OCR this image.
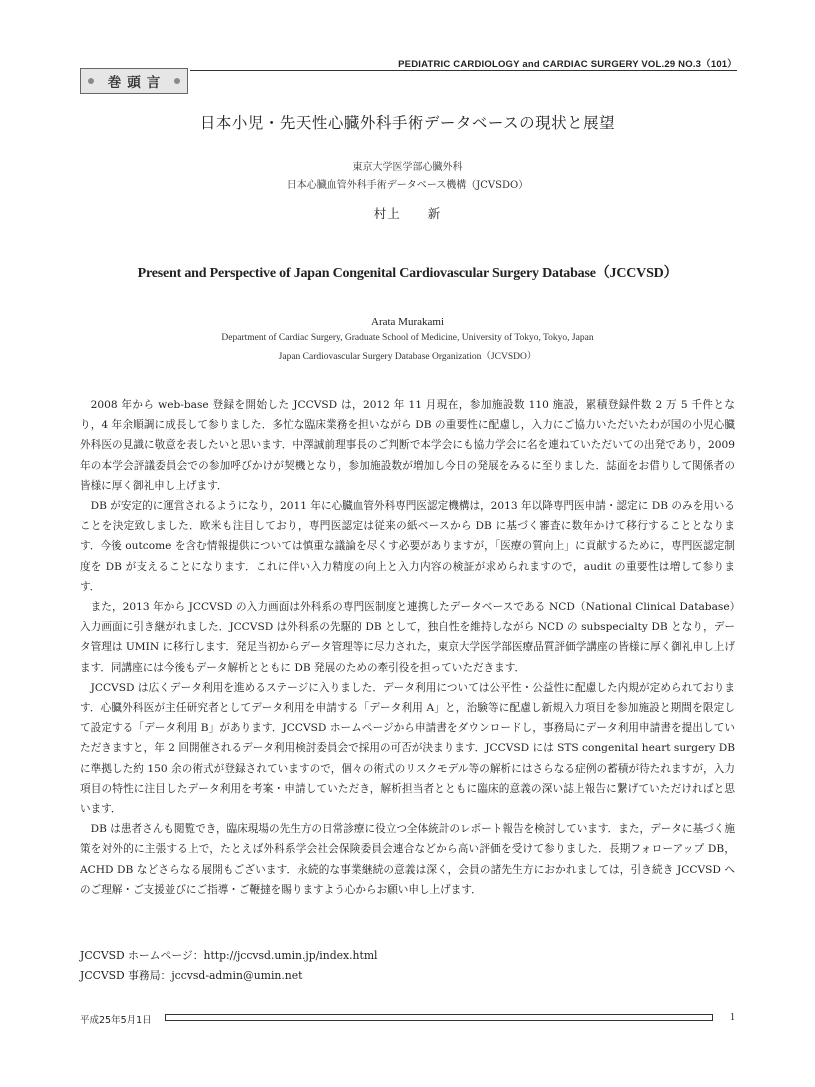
PEDIATRIC CARDIOLOGY and CARDIAC SURGERY VOL.29 NO.3（101）
巻頭言
日本小児・先天性心臓外科手術データベースの現状と展望
東京大学医学部心臓外科
日本心臓血管外科手術データベース機構（JCVSDO）
村上　　新
Present and Perspective of Japan Congenital Cardiovascular Surgery Database（JCCVSD）
Arata Murakami
Department of Cardiac Surgery, Graduate School of Medicine, University of Tokyo, Tokyo, Japan
Japan Cardiovascular Surgery Database Organization（JCVSDO）

2008 年から web-base 登録を開始した JCCVSD は，2012 年 11 月現在，参加施設数 110 施設，累積登録件数 2 万 5 千件となり，4 年余順調に成長して参りました．多忙な臨床業務を担いながら DB の重要性に配慮し，入力にご協力いただいたわが国の小児心臓外科医の見識に敬意を表したいと思います．中澤誠前理事長のご判断で本学会にも協力学会に名を連ねていただいての出発であり，2009 年の本学会評議委員会での参加呼びかけが契機となり，参加施設数が増加し今日の発展をみるに至りました．誌面をお借りして関係者の皆様に厚く御礼申し上げます．

DB が安定的に運営されるようになり，2011 年に心臓血管外科専門医認定機構は，2013 年以降専門医申請・認定に DB のみを用いることを決定致しました．欧米も注目しており，専門医認定は従来の紙ベースから DB に基づく審査に数年かけて移行することとなります．今後 outcome を含む情報提供については慎重な議論を尽くす必要がありますが，「医療の質向上」に貢献するために，専門医認定制度を DB が支えることになります．これに伴い入力精度の向上と入力内容の検証が求められますので，audit の重要性は増して参ります．

また，2013 年から JCCVSD の入力画面は外科系の専門医制度と連携したデータベースである NCD（National Clinical Database）入力画面に引き継がれました．JCCVSD は外科系の先駆的 DB として，独自性を維持しながら NCD の subspecialty DB となり，データ管理は UMIN に移行します．発足当初からデータ管理等に尽力された，東京大学医学部医療品質評価学講座の皆様に厚く御礼申し上げます．同講座には今後もデータ解析とともに DB 発展のための牽引役を担っていただきます．

JCCVSD は広くデータ利用を進めるステージに入りました．データ利用については公平性・公益性に配慮した内規が定められております．心臓外科医が主任研究者としてデータ利用を申請する「データ利用 A」と，治験等に配慮し新規入力項目を参加施設と期間を限定して設定する「データ利用 B」があります．JCCVSD ホームページから申請書をダウンロードし，事務局にデータ利用申請書を提出していただきますと，年 2 回開催されるデータ利用検討委員会で採用の可否が決まります．JCCVSD には STS congenital heart surgery DB に準拠した約 150 余の術式が登録されていますので，個々の術式のリスクモデル等の解析にはさらなる症例の蓄積が待たれますが，入力項目の特性に注目したデータ利用を考案・申請していただき，解析担当者とともに臨床的意義の深い誌上報告に繋げていただければと思います．

DB は患者さんも閲覧でき，臨床現場の先生方の日常診療に役立つ全体統計のレポート報告を検討しています．また，データに基づく施策を対外的に主張する上で，たとえば外科系学会社会保険委員会連合などから高い評価を受けて参りました．長期フォローアップ DB，ACHD DB などさらなる展開もございます．永続的な事業継続の意義は深く，会員の諸先生方におかれましては，引き続き JCCVSD へのご理解・ご支援並びにご指導・ご鞭撻を賜りますよう心からお願い申し上げます．

JCCVSD ホームページ：http://jccvsd.umin.jp/index.html
JCCVSD 事務局：jccvsd-admin@umin.net
平成25年5月1日	1
